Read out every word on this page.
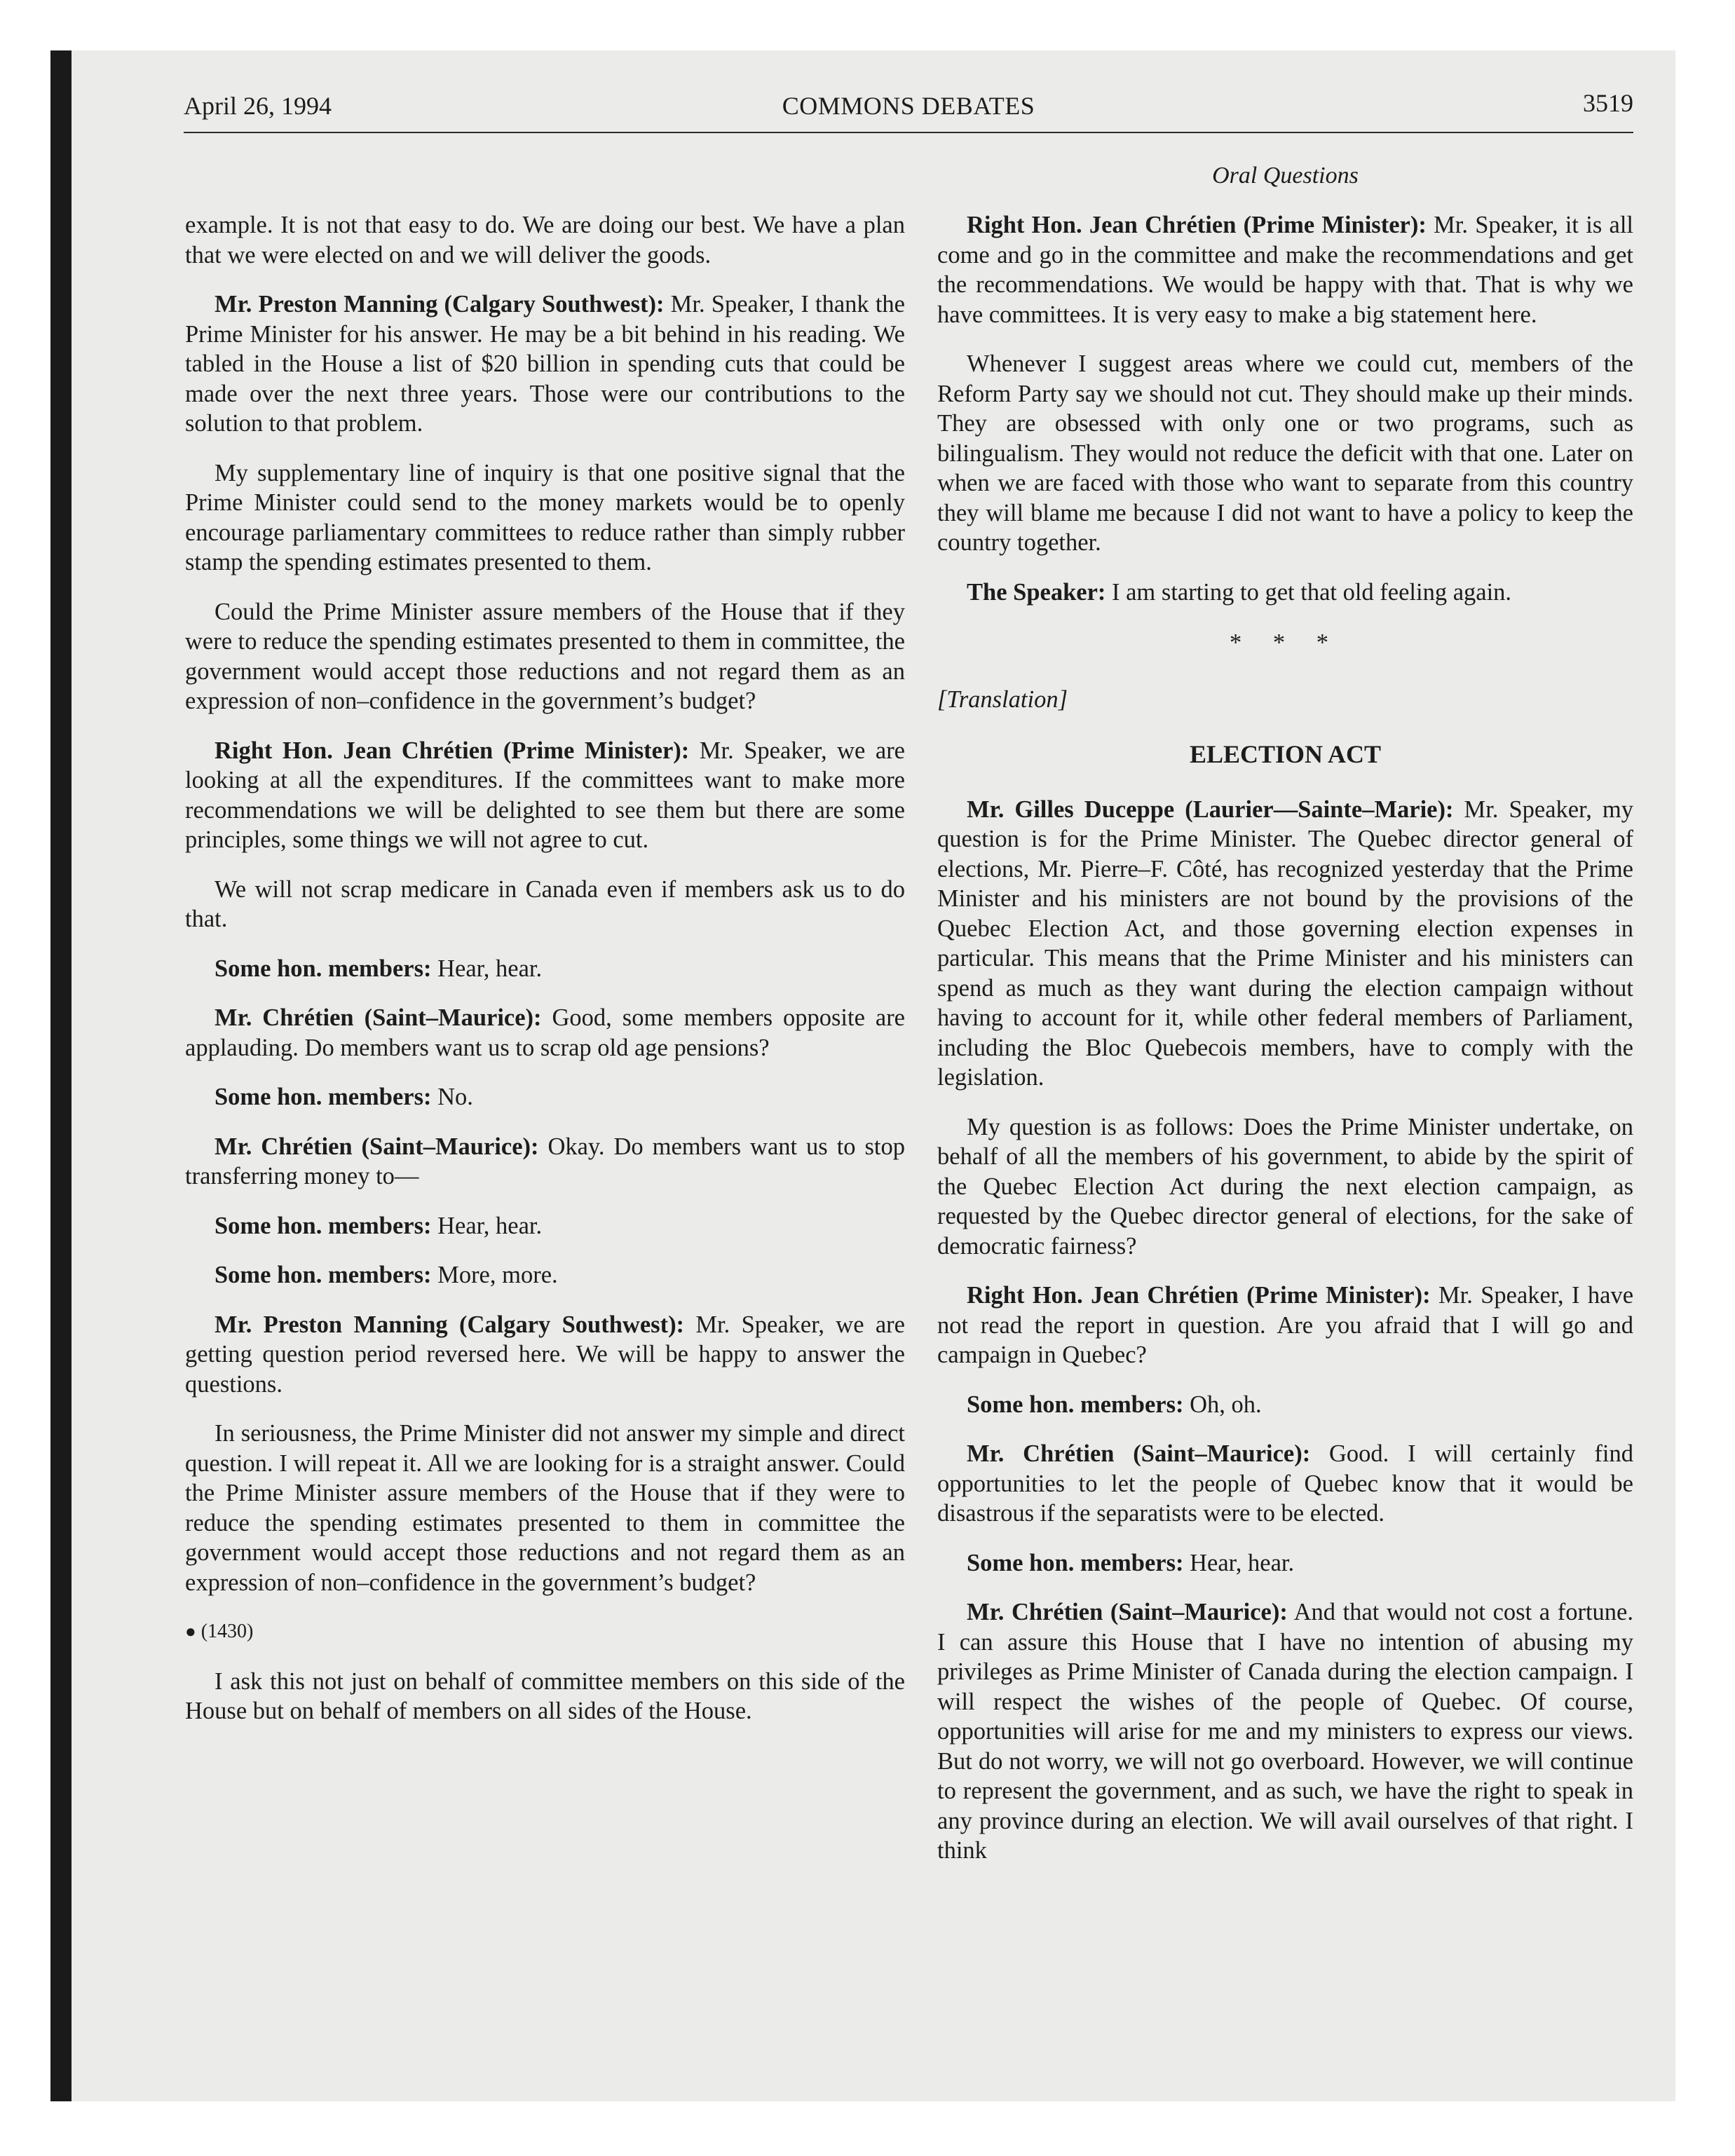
April 26, 1994	COMMONS DEBATES	3519
Oral Questions

example. It is not that easy to do. We are doing our best. We have a plan that we were elected on and we will deliver the goods.

Mr. Preston Manning (Calgary Southwest): Mr. Speaker, I thank the Prime Minister for his answer. He may be a bit behind in his reading. We tabled in the House a list of $20 billion in spending cuts that could be made over the next three years. Those were our contributions to the solution to that problem.

My supplementary line of inquiry is that one positive signal that the Prime Minister could send to the money markets would be to openly encourage parliamentary committees to reduce rather than simply rubber stamp the spending estimates presented to them.

Could the Prime Minister assure members of the House that if they were to reduce the spending estimates presented to them in committee, the government would accept those reductions and not regard them as an expression of non–confidence in the government’s budget?

Right Hon. Jean Chrétien (Prime Minister): Mr. Speaker, we are looking at all the expenditures. If the committees want to make more recommendations we will be delighted to see them but there are some principles, some things we will not agree to cut.

We will not scrap medicare in Canada even if members ask us to do that.

Some hon. members: Hear, hear.

Mr. Chrétien (Saint–Maurice): Good, some members opposite are applauding. Do members want us to scrap old age pensions?

Some hon. members: No.

Mr. Chrétien (Saint–Maurice): Okay. Do members want us to stop transferring money to—

Some hon. members: Hear, hear.

Some hon. members: More, more.

Mr. Preston Manning (Calgary Southwest): Mr. Speaker, we are getting question period reversed here. We will be happy to answer the questions.

In seriousness, the Prime Minister did not answer my simple and direct question. I will repeat it. All we are looking for is a straight answer. Could the Prime Minister assure members of the House that if they were to reduce the spending estimates presented to them in committee the government would accept those reductions and not regard them as an expression of non–confidence in the government’s budget?

● (1430)

I ask this not just on behalf of committee members on this side of the House but on behalf of members on all sides of the House.

Right Hon. Jean Chrétien (Prime Minister): Mr. Speaker, it is all come and go in the committee and make the recommendations and get the recommendations. We would be happy with that. That is why we have committees. It is very easy to make a big statement here.

Whenever I suggest areas where we could cut, members of the Reform Party say we should not cut. They should make up their minds. They are obsessed with only one or two programs, such as bilingualism. They would not reduce the deficit with that one. Later on when we are faced with those who want to separate from this country they will blame me because I did not want to have a policy to keep the country together.

The Speaker: I am starting to get that old feeling again.

* * *

[Translation]

ELECTION ACT

Mr. Gilles Duceppe (Laurier—Sainte–Marie): Mr. Speaker, my question is for the Prime Minister. The Quebec director general of elections, Mr. Pierre–F. Côté, has recognized yesterday that the Prime Minister and his ministers are not bound by the provisions of the Quebec Election Act, and those governing election expenses in particular. This means that the Prime Minister and his ministers can spend as much as they want during the election campaign without having to account for it, while other federal members of Parliament, including the Bloc Quebecois members, have to comply with the legislation.

My question is as follows: Does the Prime Minister undertake, on behalf of all the members of his government, to abide by the spirit of the Quebec Election Act during the next election campaign, as requested by the Quebec director general of elections, for the sake of democratic fairness?

Right Hon. Jean Chrétien (Prime Minister): Mr. Speaker, I have not read the report in question. Are you afraid that I will go and campaign in Quebec?

Some hon. members: Oh, oh.

Mr. Chrétien (Saint–Maurice): Good. I will certainly find opportunities to let the people of Quebec know that it would be disastrous if the separatists were to be elected.

Some hon. members: Hear, hear.

Mr. Chrétien (Saint–Maurice): And that would not cost a fortune. I can assure this House that I have no intention of abusing my privileges as Prime Minister of Canada during the election campaign. I will respect the wishes of the people of Quebec. Of course, opportunities will arise for me and my ministers to express our views. But do not worry, we will not go overboard. However, we will continue to represent the government, and as such, we have the right to speak in any province during an election. We will avail ourselves of that right. I think
